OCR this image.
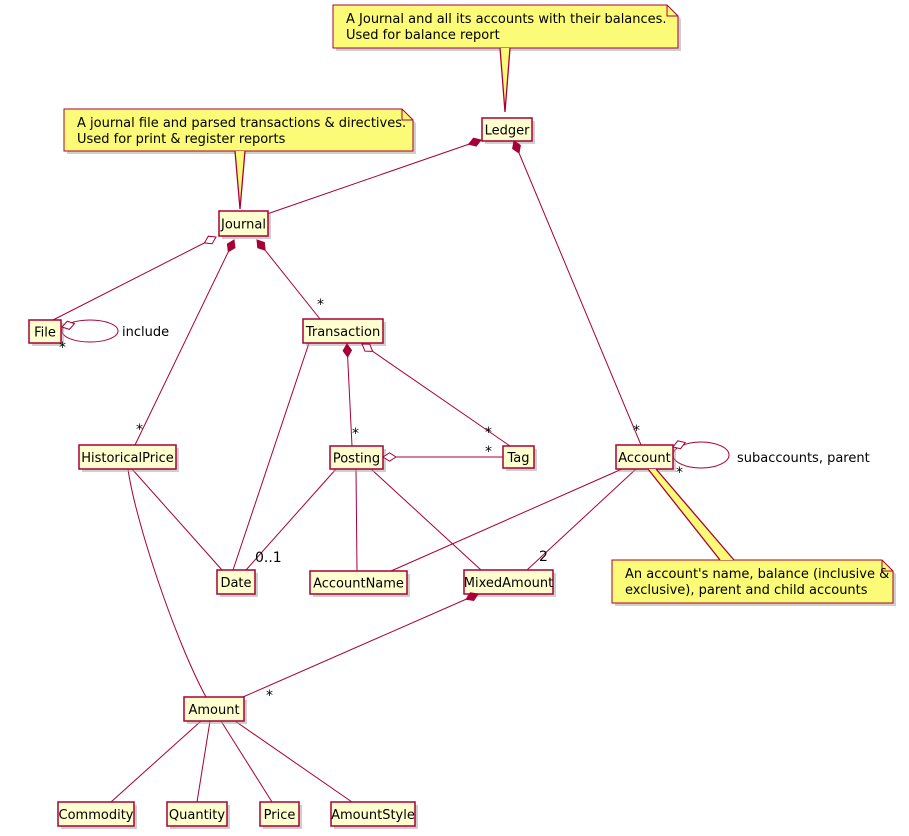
Ledger
Journal
File	Transaction
HistoricalPrice	Posting	Tag	Account
Date	AccountName	MixedAmount
Amount
Commodity	Quantity	Price	AmountStyle
A Journal and all its accounts with their balances.
Used for balance report
A journal file and parsed transactions & directives.
Used for print & register reports
An account's name, balance (inclusive &
exclusive), parent and child accounts
*
*
*
*	*
*
*
*
*
0..1	2
include
subaccounts, parent
